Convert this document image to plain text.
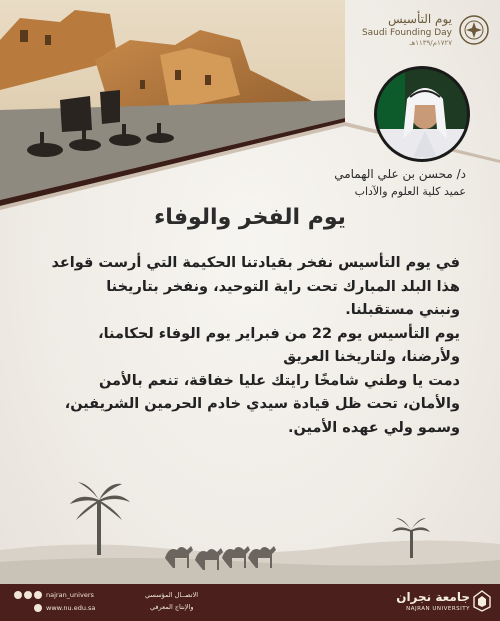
يوم التأسيس
Saudi Founding Day
١٧٢٧م/١١٣٩هـ
د/ محسن بن علي الهمامي
عميد كلية العلوم والآداب
يوم الفخر والوفاء

في يوم التأسيس نفخر بقيادتنا الحكيمة التي أرست قواعد

هذا البلد المبارك تحت راية التوحيد، ونفخر بتاريخنا

ونبني مستقبلنا.

يوم التأسيس يوم 22 من فبراير يوم الوفاء لحكامنا،

ولأرضنا، ولتاريخنا العريق

دمت يا وطني شامخًا رايتك عليا خفاقة، تنعم بالأمن

والأمان، تحت ظل قيادة سيدي خادم الحرمين الشريفين،

وسمو ولي عهده الأمين.

najran_univers
www.nu.edu.sa
الاتصــال المؤسسي
والإنتاج المعرفي
جامعة نجران
NAJRAN UNIVERSITY
